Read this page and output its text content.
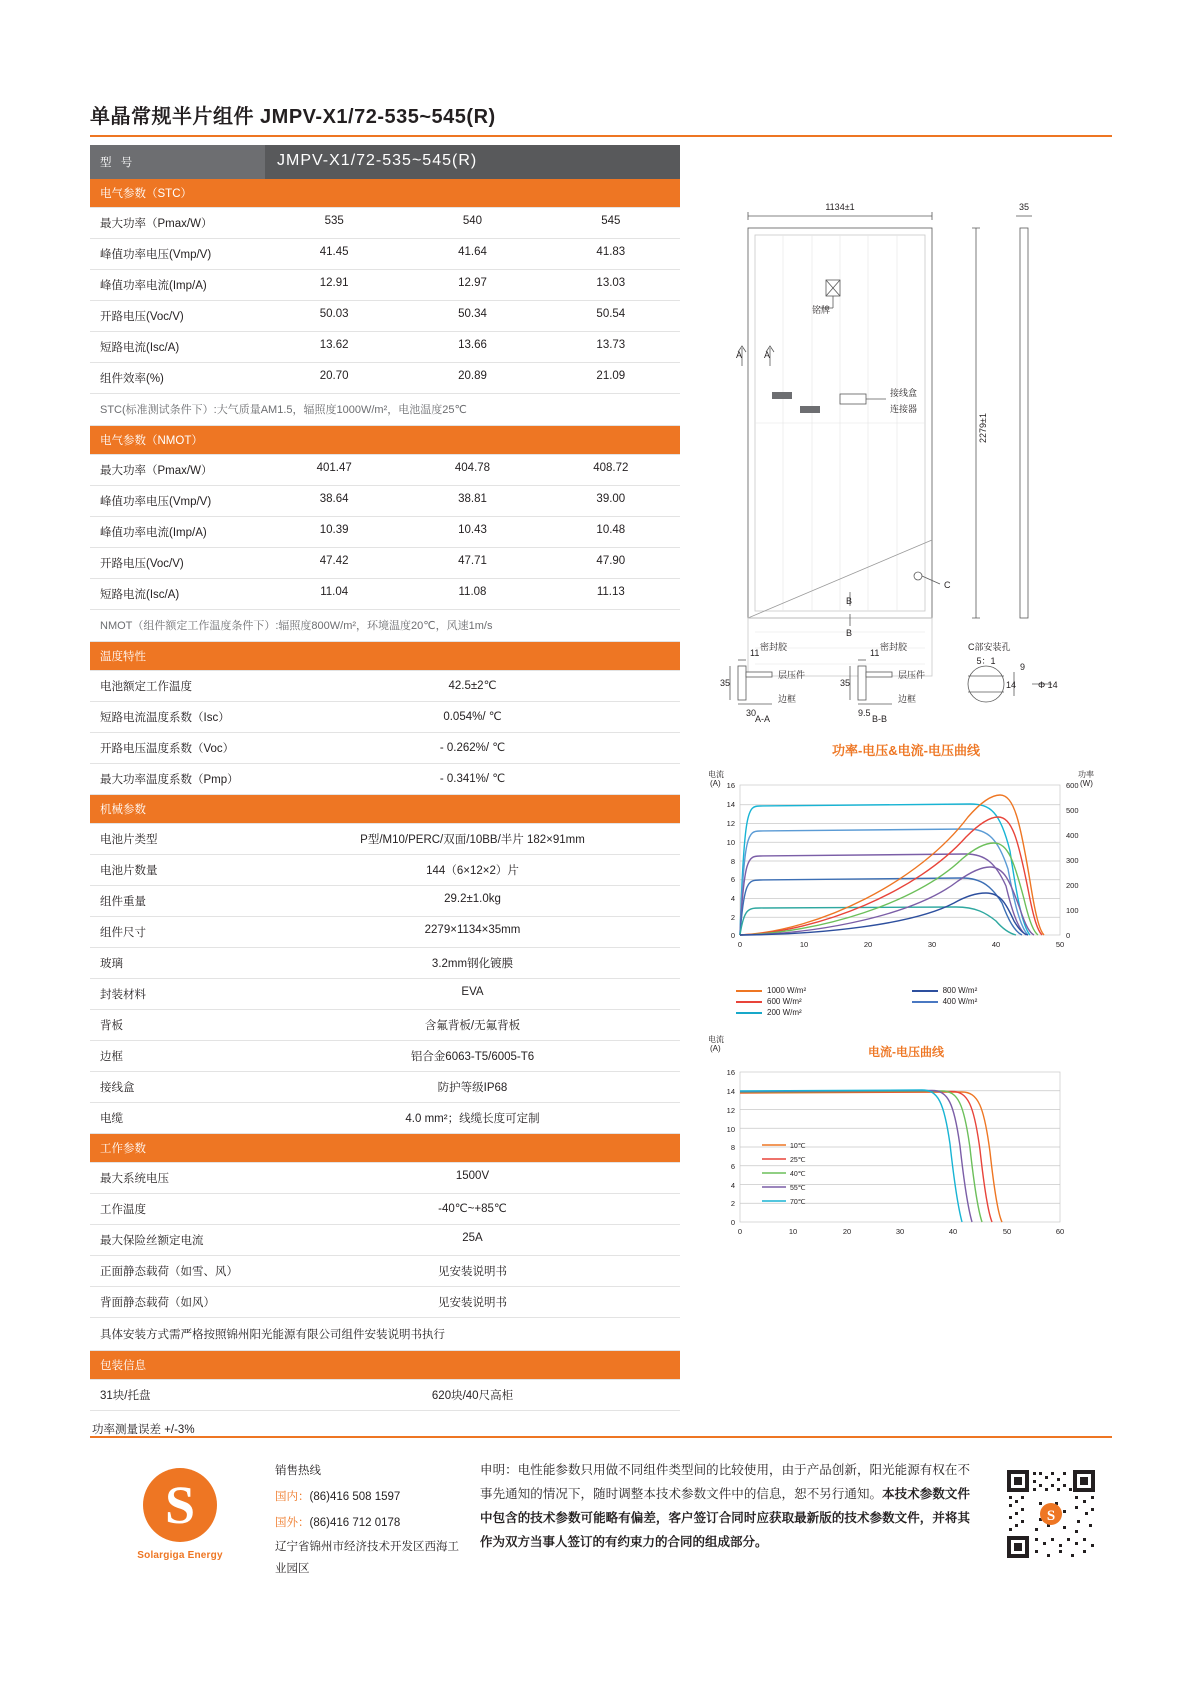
单晶常规半片组件 JMPV-X1/72-535~545(R)
型 号	JMPV-X1/72-535~545(R)
电气参数（STC）
最大功率（Pmax/W）	535	540	545
峰值功率电压(Vmp/V)	41.45	41.64	41.83
峰值功率电流(Imp/A)	12.91	12.97	13.03
开路电压(Voc/V)	50.03	50.34	50.54
短路电流(Isc/A)	13.62	13.66	13.73
组件效率(%)	20.70	20.89	21.09
STC(标准测试条件下）:大气质量AM1.5，辐照度1000W/m²，电池温度25℃
电气参数（NMOT）
最大功率（Pmax/W）	401.47	404.78	408.72
峰值功率电压(Vmp/V)	38.64	38.81	39.00
峰值功率电流(Imp/A)	10.39	10.43	10.48
开路电压(Voc/V)	47.42	47.71	47.90
短路电流(Isc/A)	11.04	11.08	11.13
NMOT（组件额定工作温度条件下）:辐照度800W/m²，环境温度20℃，风速1m/s
温度特性
电池额定工作温度	42.5±2℃
短路电流温度系数（Isc）	0.054%/ ℃
开路电压温度系数（Voc）	- 0.262%/ ℃
最大功率温度系数（Pmp）	- 0.341%/ ℃
机械参数
电池片类型	P型/M10/PERC/双面/10BB/半片 182×91mm
电池片数量	144（6×12×2）片
组件重量	29.2±1.0kg
组件尺寸	2279×1134×35mm
玻璃	3.2mm钢化镀膜
封装材料	EVA
背板	含氟背板/无氟背板
边框	铝合金6063-T5/6005-T6
接线盒	防护等级IP68
电缆	4.0 mm²；线缆长度可定制
工作参数
最大系统电压	1500V
工作温度	-40℃~+85℃
最大保险丝额定电流	25A
正面静态载荷（如雪、风）	见安装说明书
背面静态载荷（如风）	见安装说明书
具体安装方式需严格按照锦州阳光能源有限公司组件安装说明书执行
包装信息
31块/托盘	620块/40尺高柜
功率测量误差 +/-3%
1134±1	35
2279±1
铭牌
接线盒
连接器
A A
B
B
C
11
35
30
11
35
9.5
9
14 Φ 14
密封胶
层压件
边框
密封胶
层压件
边框
A-A	B-B
C部安装孔
5：1
功率-电压&电流-电压曲线
电流
(A)
功率
(W)
16
14
12
10
8
6
4
2
0
600
500
400
300
200
100
0
0	10	20	30	40	50
1000 W/m²	800 W/m²
600 W/m²	400 W/m²
200 W/m²	
电流
(A)	电流-电压曲线
16
14
12
10
8
6
4
2
0
0	10	20	30	40	50	60
10℃
25℃
40℃
55℃
70℃
S
Solargiga Energy
销售热线
国内：(86)416 508 1597
国外：(86)416 712 0178
辽宁省锦州市经济技术开发区西海工业园区
申明：电性能参数只用做不同组件类型间的比较使用，由于产品创新，阳光能源有权在不事先通知的情况下，随时调整本技术参数文件中的信息，恕不另行通知。本技术参数文件中包含的技术参数可能略有偏差，客户签订合同时应获取最新版的技术参数文件，并将其作为双方当事人签订的有约束力的合同的组成部分。
S
